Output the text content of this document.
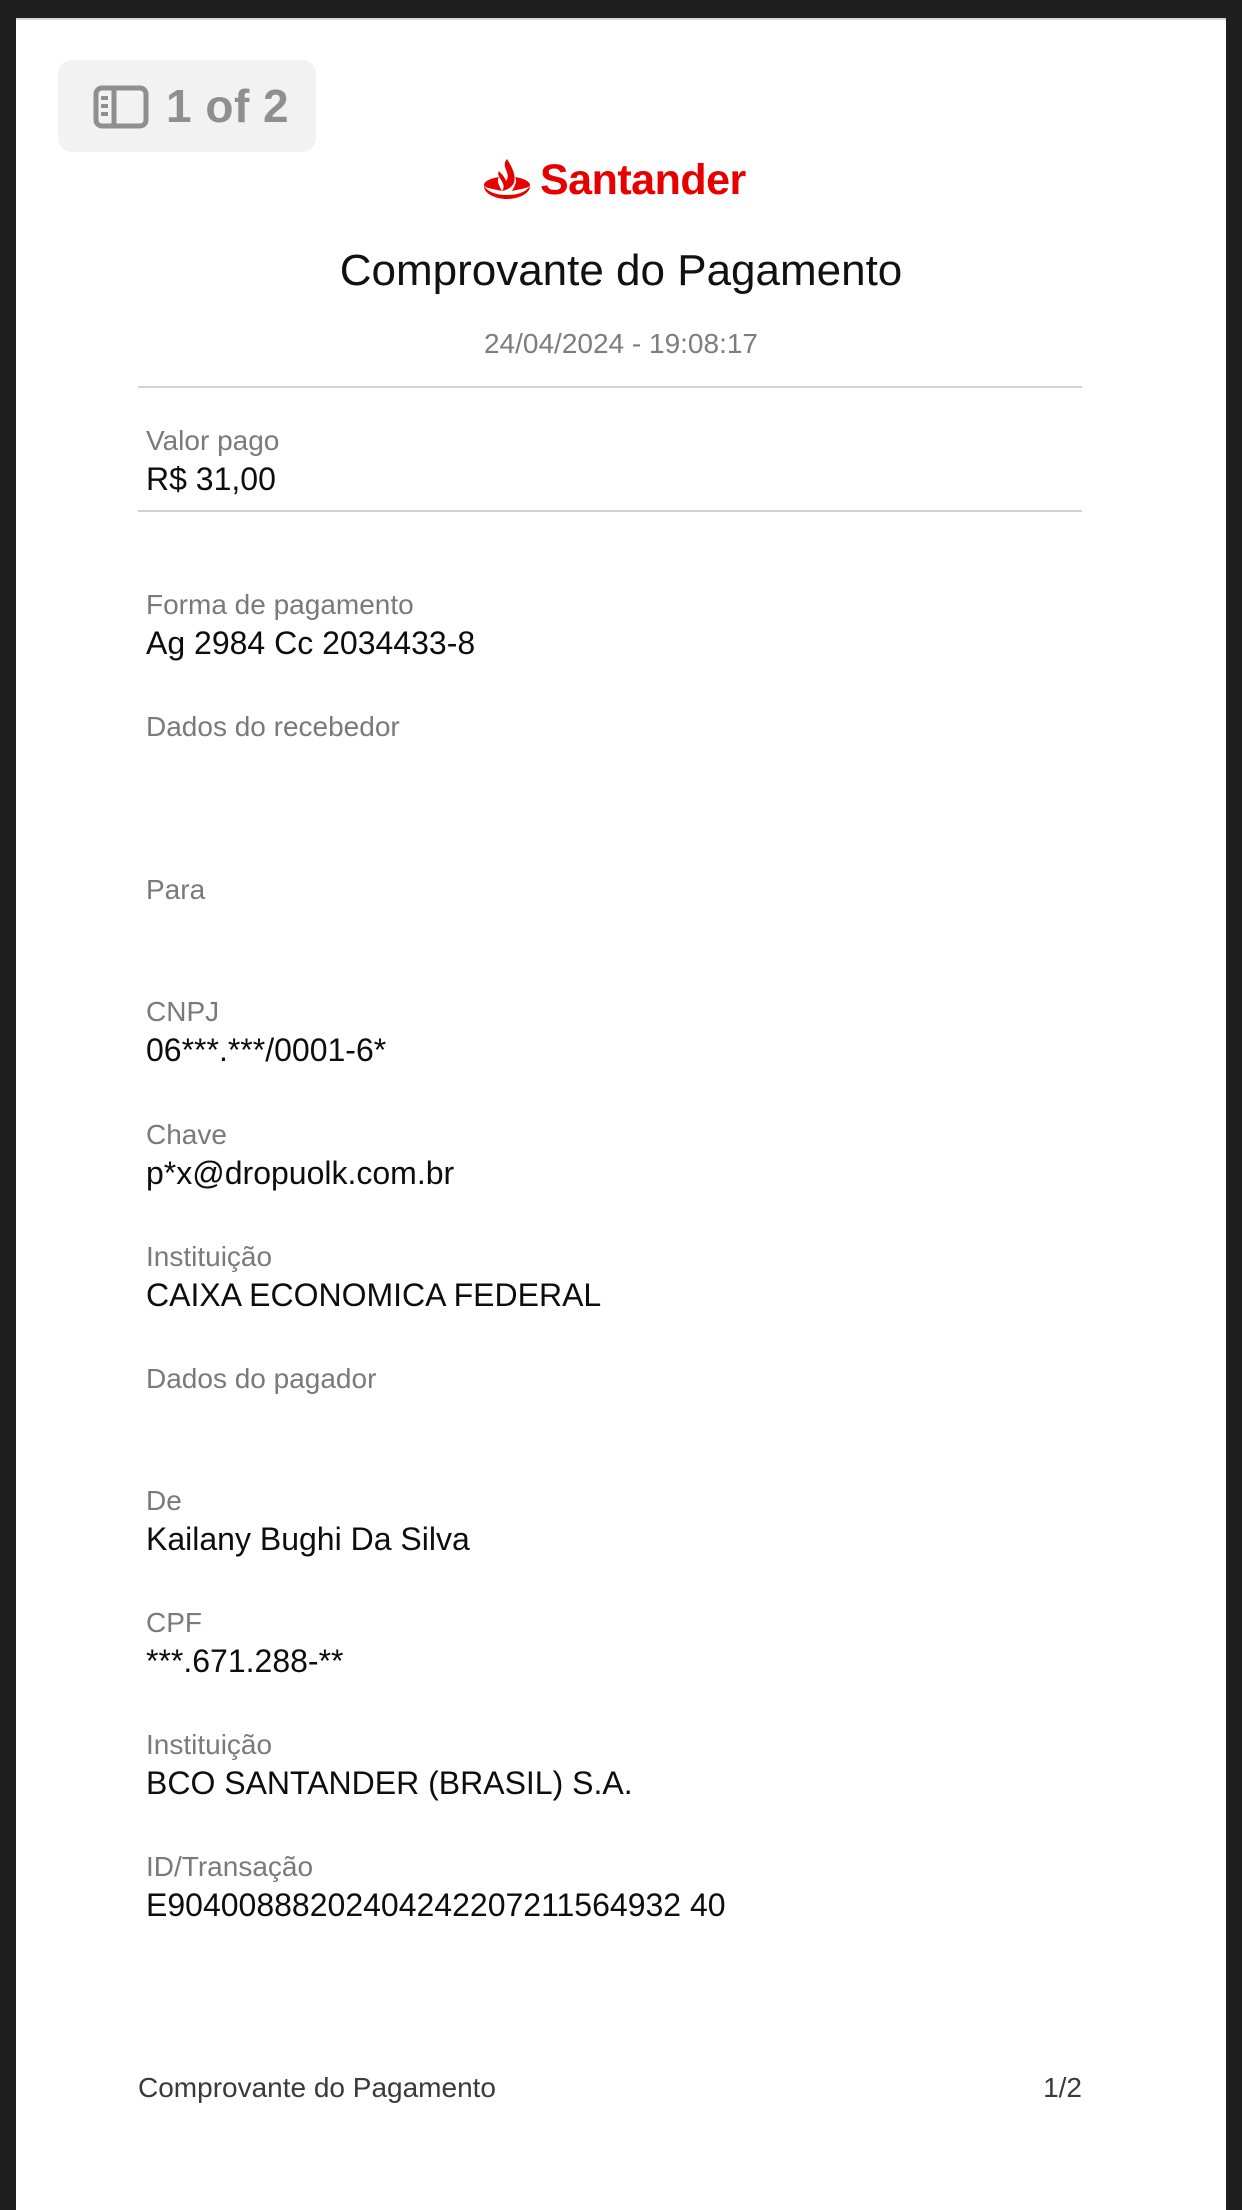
1 of 2
Santander
Comprovante do Pagamento
24/04/2024 - 19:08:17
Valor pago
R$ 31,00
Forma de pagamento
Ag 2984 Cc 2034433-8
Dados do recebedor
Para
CNPJ
06***.***/0001-6*
Chave
p*x@dropuolk.com.br
Instituição
CAIXA ECONOMICA FEDERAL
Dados do pagador
De
Kailany Bughi Da Silva
CPF
***.671.288-**
Instituição
BCO SANTANDER (BRASIL) S.A.
ID/Transação
E90400888202404242207211564932 40
Comprovante do Pagamento	1/2
